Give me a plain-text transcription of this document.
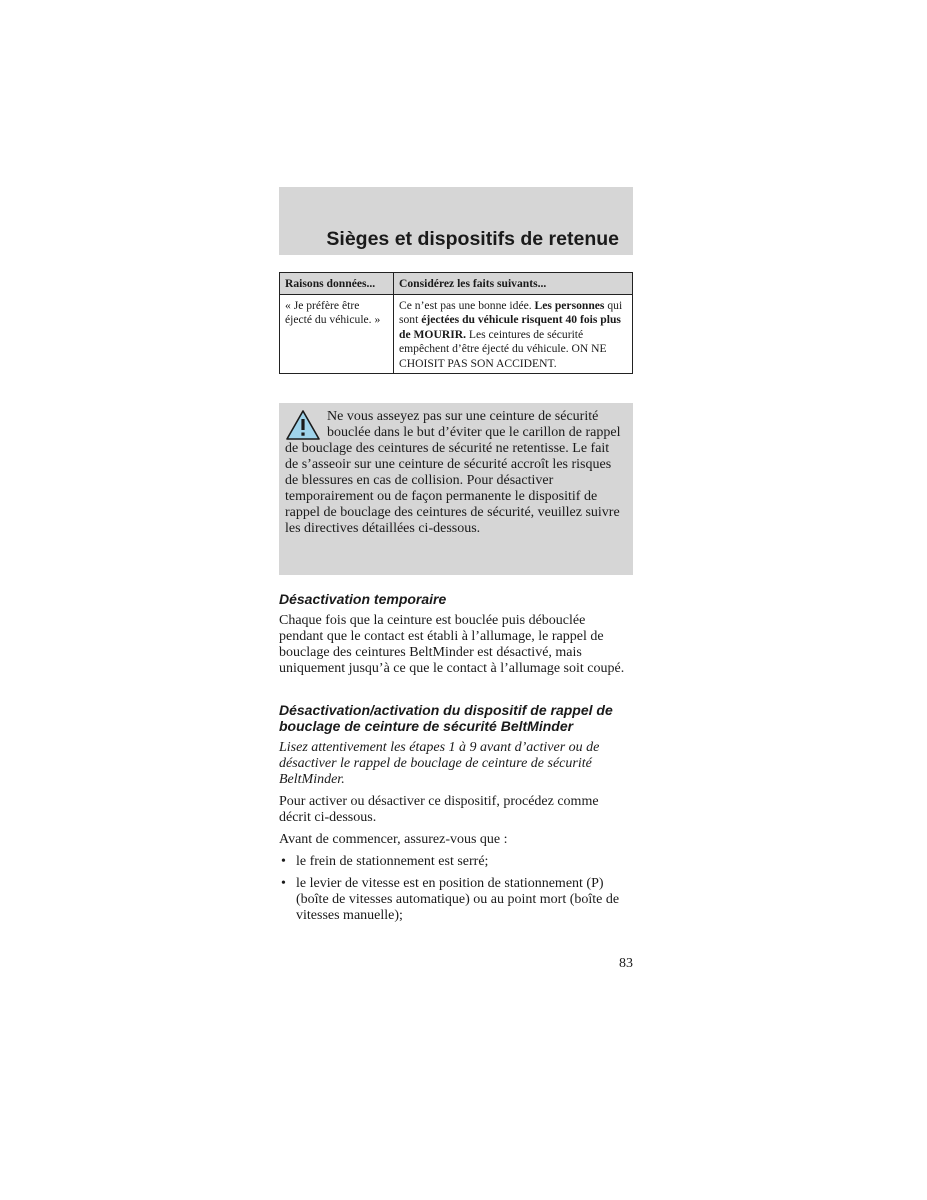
Sièges et dispositifs de retenue
Raisons données...	Considérez les faits suivants...
« Je préfère être éjecté du véhicule. »	Ce n’est pas une bonne idée. Les personnes qui sont éjectées du véhicule risquent 40 fois plus de MOURIR. Les ceintures de sécurité empêchent d’être éjecté du véhicule. ON NE CHOISIT PAS SON ACCIDENT.
Ne vous asseyez pas sur une ceinture de sécurité bouclée dans le but d’éviter que le carillon de rappel de bouclage des ceintures de sécurité ne retentisse. Le fait de s’asseoir sur une ceinture de sécurité accroît les risques de blessures en cas de collision. Pour désactiver temporairement ou de façon permanente le dispositif de rappel de bouclage des ceintures de sécurité, veuillez suivre les directives détaillées ci-dessous.

Désactivation temporaire

Chaque fois que la ceinture est bouclée puis débouclée pendant que le contact est établi à l’allumage, le rappel de bouclage des ceintures BeltMinder est désactivé, mais uniquement jusqu’à ce que le contact à l’allumage soit coupé.

Désactivation/activation du dispositif de rappel de bouclage de ceinture de sécurité BeltMinder

Lisez attentivement les étapes 1 à 9 avant d’activer ou de désactiver le rappel de bouclage de ceinture de sécurité BeltMinder.

Pour activer ou désactiver ce dispositif, procédez comme décrit ci-dessous.

Avant de commencer, assurez-vous que :

• le frein de stationnement est serré;
• le levier de vitesse est en position de stationnement (P) (boîte de vitesses automatique) ou au point mort (boîte de vitesses manuelle);
83
